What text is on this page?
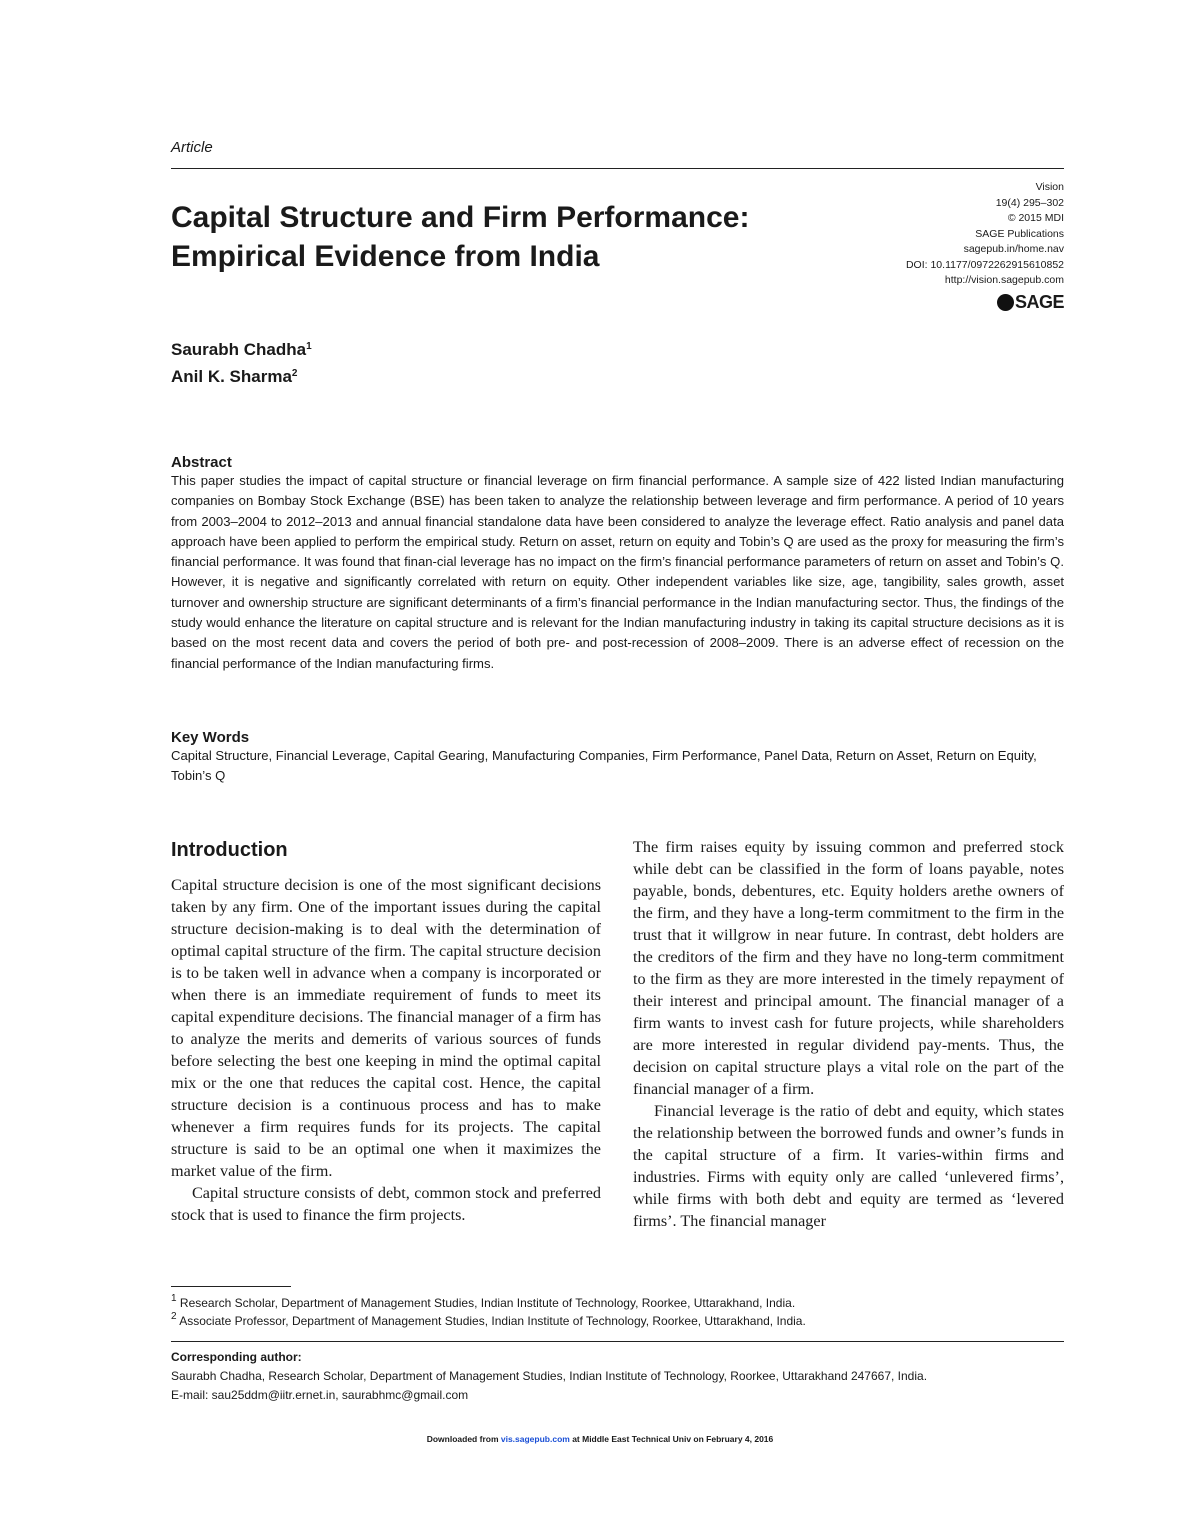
Article
Vision
19(4) 295–302
© 2015 MDI
SAGE Publications
sagepub.in/home.nav
DOI: 10.1177/0972262915610852
http://vision.sagepub.com
SAGE
Capital Structure and Firm Performance:
Empirical Evidence from India
Saurabh Chadha$^1$
Anil K. Sharma$^2$
Abstract

This paper studies the impact of capital structure or financial leverage on firm financial performance. A sample size of 422 listed Indian manufacturing companies on Bombay Stock Exchange (BSE) has been taken to analyze the relationship between leverage and firm performance. A period of 10 years from 2003–2004 to 2012–2013 and annual financial standalone data have been considered to analyze the leverage effect. Ratio analysis and panel data approach have been applied to perform the empirical study. Return on asset, return on equity and Tobin’s Q are used as the proxy for measuring the firm’s financial performance. It was found that finan-cial leverage has no impact on the firm’s financial performance parameters of return on asset and Tobin’s Q. However, it is negative and significantly correlated with return on equity. Other independent variables like size, age, tangibility, sales growth, asset turnover and ownership structure are significant determinants of a firm’s financial performance in the Indian manufacturing sector. Thus, the findings of the study would enhance the literature on capital structure and is relevant for the Indian manufacturing industry in taking its capital structure decisions as it is based on the most recent data and covers the period of both pre- and post-recession of 2008–2009. There is an adverse effect of recession on the financial performance of the Indian manufacturing firms.

Key Words

Capital Structure, Financial Leverage, Capital Gearing, Manufacturing Companies, Firm Performance, Panel Data, Return on Asset, Return on Equity, Tobin’s Q

Introduction

Capital structure decision is one of the most significant decisions taken by any firm. One of the important issues during the capital structure decision-making is to deal with the determination of optimal capital structure of the firm. The capital structure decision is to be taken well in advance when a company is incorporated or when there is an immediate requirement of funds to meet its capital expenditure decisions. The financial manager of a firm has to analyze the merits and demerits of various sources of funds before selecting the best one keeping in mind the optimal capital mix or the one that reduces the capital cost. Hence, the capital structure decision is a continuous process and has to make whenever a firm requires funds for its projects. The capital structure is said to be an optimal one when it maximizes the market value of the firm.

Capital structure consists of debt, common stock and preferred stock that is used to finance the firm projects.

The firm raises equity by issuing common and preferred stock while debt can be classified in the form of loans payable, notes payable, bonds, debentures, etc. Equity holders arethe owners of the firm, and they have a long-term commitment to the firm in the trust that it willgrow in near future. In contrast, debt holders are the creditors of the firm and they have no long-term commitment to the firm as they are more interested in the timely repayment of their interest and principal amount. The financial manager of a firm wants to invest cash for future projects, while shareholders are more interested in regular dividend pay-ments. Thus, the decision on capital structure plays a vital role on the part of the financial manager of a firm.

Financial leverage is the ratio of debt and equity, which states the relationship between the borrowed funds and owner’s funds in the capital structure of a firm. It varies-within firms and industries. Firms with equity only are called ‘unlevered firms’, while firms with both debt and equity are termed as ‘levered firms’. The financial manager

$^1$ Research Scholar, Department of Management Studies, Indian Institute of Technology, Roorkee, Uttarakhand, India.
$^2$ Associate Professor, Department of Management Studies, Indian Institute of Technology, Roorkee, Uttarakhand, India.
Corresponding author:
Saurabh Chadha, Research Scholar, Department of Management Studies, Indian Institute of Technology, Roorkee, Uttarakhand 247667, India.
E-mail: sau25ddm@iitr.ernet.in, saurabhmc@gmail.com
Downloaded from vis.sagepub.com at Middle East Technical Univ on February 4, 2016
